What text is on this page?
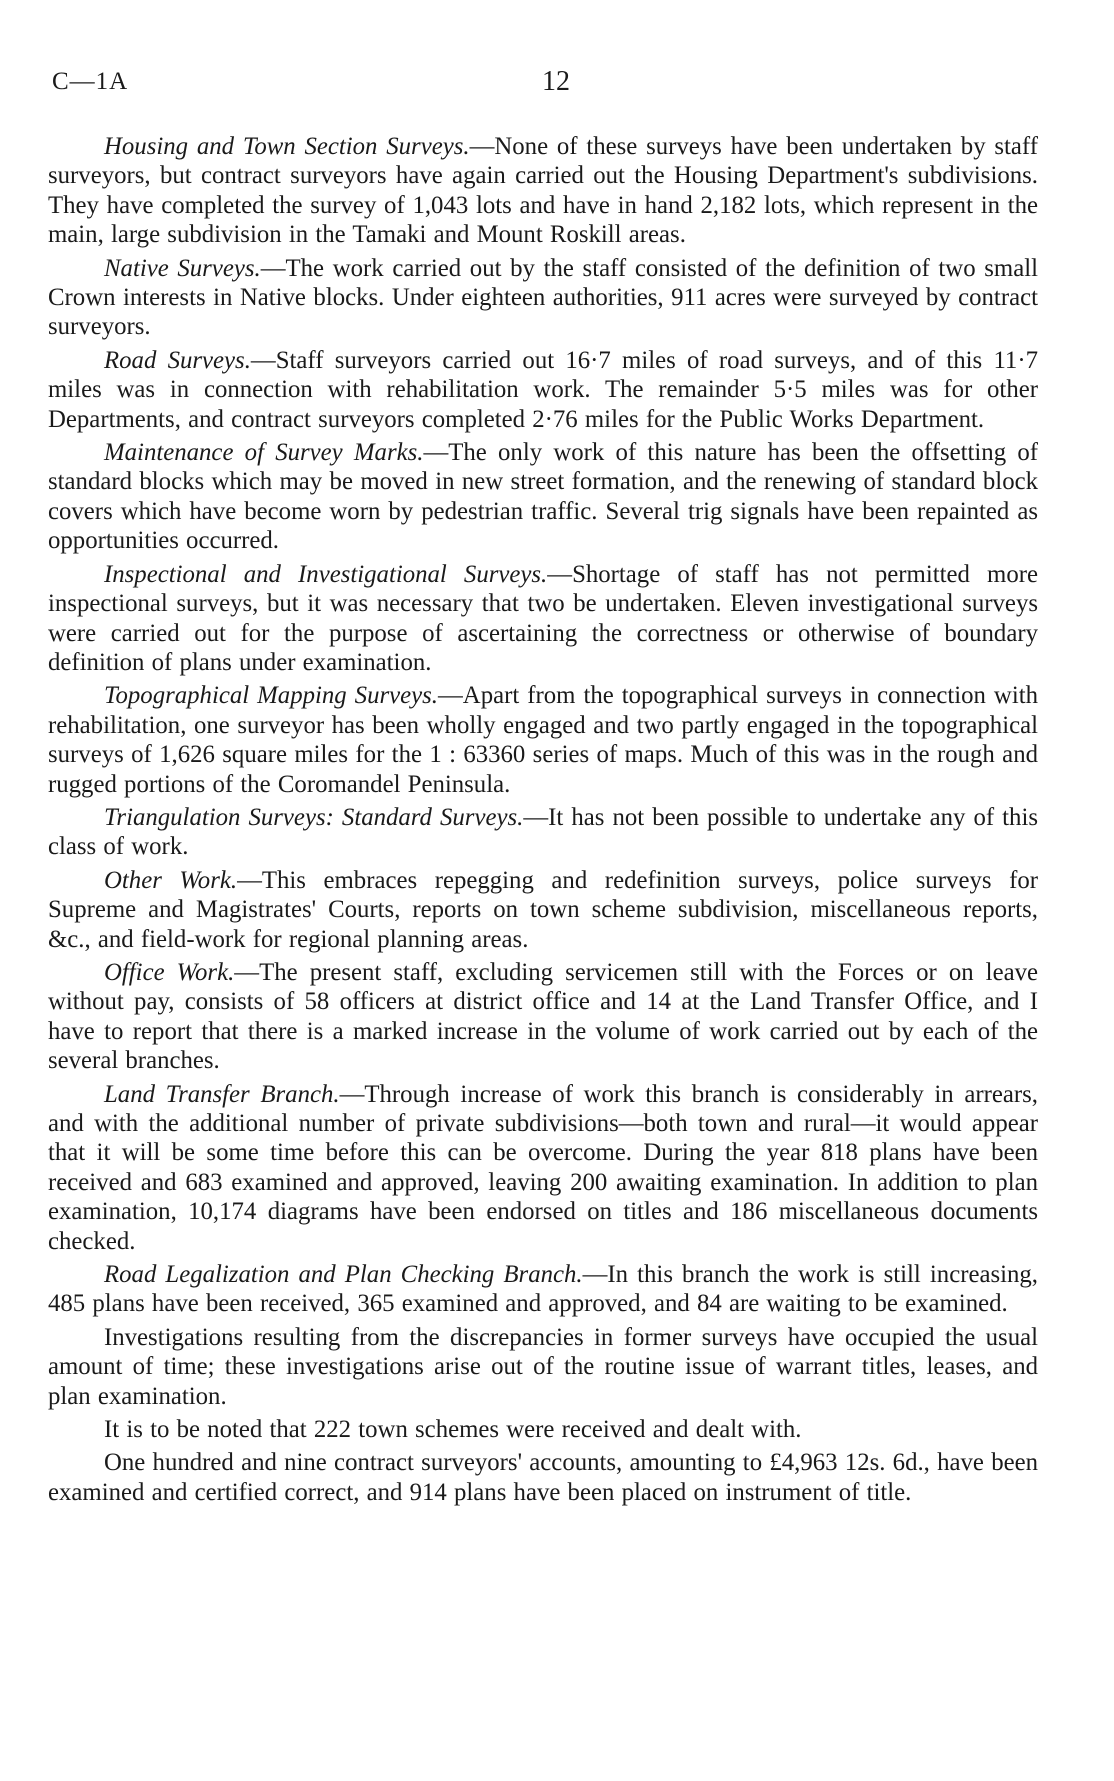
C—1A	12

Housing and Town Section Surveys.—None of these surveys have been undertaken by staff surveyors, but contract surveyors have again carried out the Housing Department's subdivisions. They have completed the survey of 1,043 lots and have in hand 2,182 lots, which represent in the main, large subdivision in the Tamaki and Mount Roskill areas.

Native Surveys.—The work carried out by the staff consisted of the definition of two small Crown interests in Native blocks. Under eighteen authorities, 911 acres were surveyed by contract surveyors.

Road Surveys.—Staff surveyors carried out 16·7 miles of road surveys, and of this 11·7 miles was in connection with rehabilitation work. The remainder 5·5 miles was for other Departments, and contract surveyors completed 2·76 miles for the Public Works Department.

Maintenance of Survey Marks.—The only work of this nature has been the offsetting of standard blocks which may be moved in new street formation, and the renewing of standard block covers which have become worn by pedestrian traffic. Several trig signals have been repainted as opportunities occurred.

Inspectional and Investigational Surveys.—Shortage of staff has not permitted more inspectional surveys, but it was necessary that two be undertaken. Eleven investigational surveys were carried out for the purpose of ascertaining the correctness or otherwise of boundary definition of plans under examination.

Topographical Mapping Surveys.—Apart from the topographical surveys in connection with rehabilitation, one surveyor has been wholly engaged and two partly engaged in the topographical surveys of 1,626 square miles for the 1 : 63360 series of maps. Much of this was in the rough and rugged portions of the Coromandel Peninsula.

Triangulation Surveys: Standard Surveys.—It has not been possible to undertake any of this class of work.

Other Work.—This embraces repegging and redefinition surveys, police surveys for Supreme and Magistrates' Courts, reports on town scheme subdivision, miscellaneous reports, &c., and field-work for regional planning areas.

Office Work.—The present staff, excluding servicemen still with the Forces or on leave without pay, consists of 58 officers at district office and 14 at the Land Transfer Office, and I have to report that there is a marked increase in the volume of work carried out by each of the several branches.

Land Transfer Branch.—Through increase of work this branch is considerably in arrears, and with the additional number of private subdivisions—both town and rural—it would appear that it will be some time before this can be overcome. During the year 818 plans have been received and 683 examined and approved, leaving 200 awaiting examination. In addition to plan examination, 10,174 diagrams have been endorsed on titles and 186 miscellaneous documents checked.

Road Legalization and Plan Checking Branch.—In this branch the work is still increasing, 485 plans have been received, 365 examined and approved, and 84 are waiting to be examined.

Investigations resulting from the discrepancies in former surveys have occupied the usual amount of time; these investigations arise out of the routine issue of warrant titles, leases, and plan examination.

It is to be noted that 222 town schemes were received and dealt with.

One hundred and nine contract surveyors' accounts, amounting to £4,963 12s. 6d., have been examined and certified correct, and 914 plans have been placed on instrument of title.
